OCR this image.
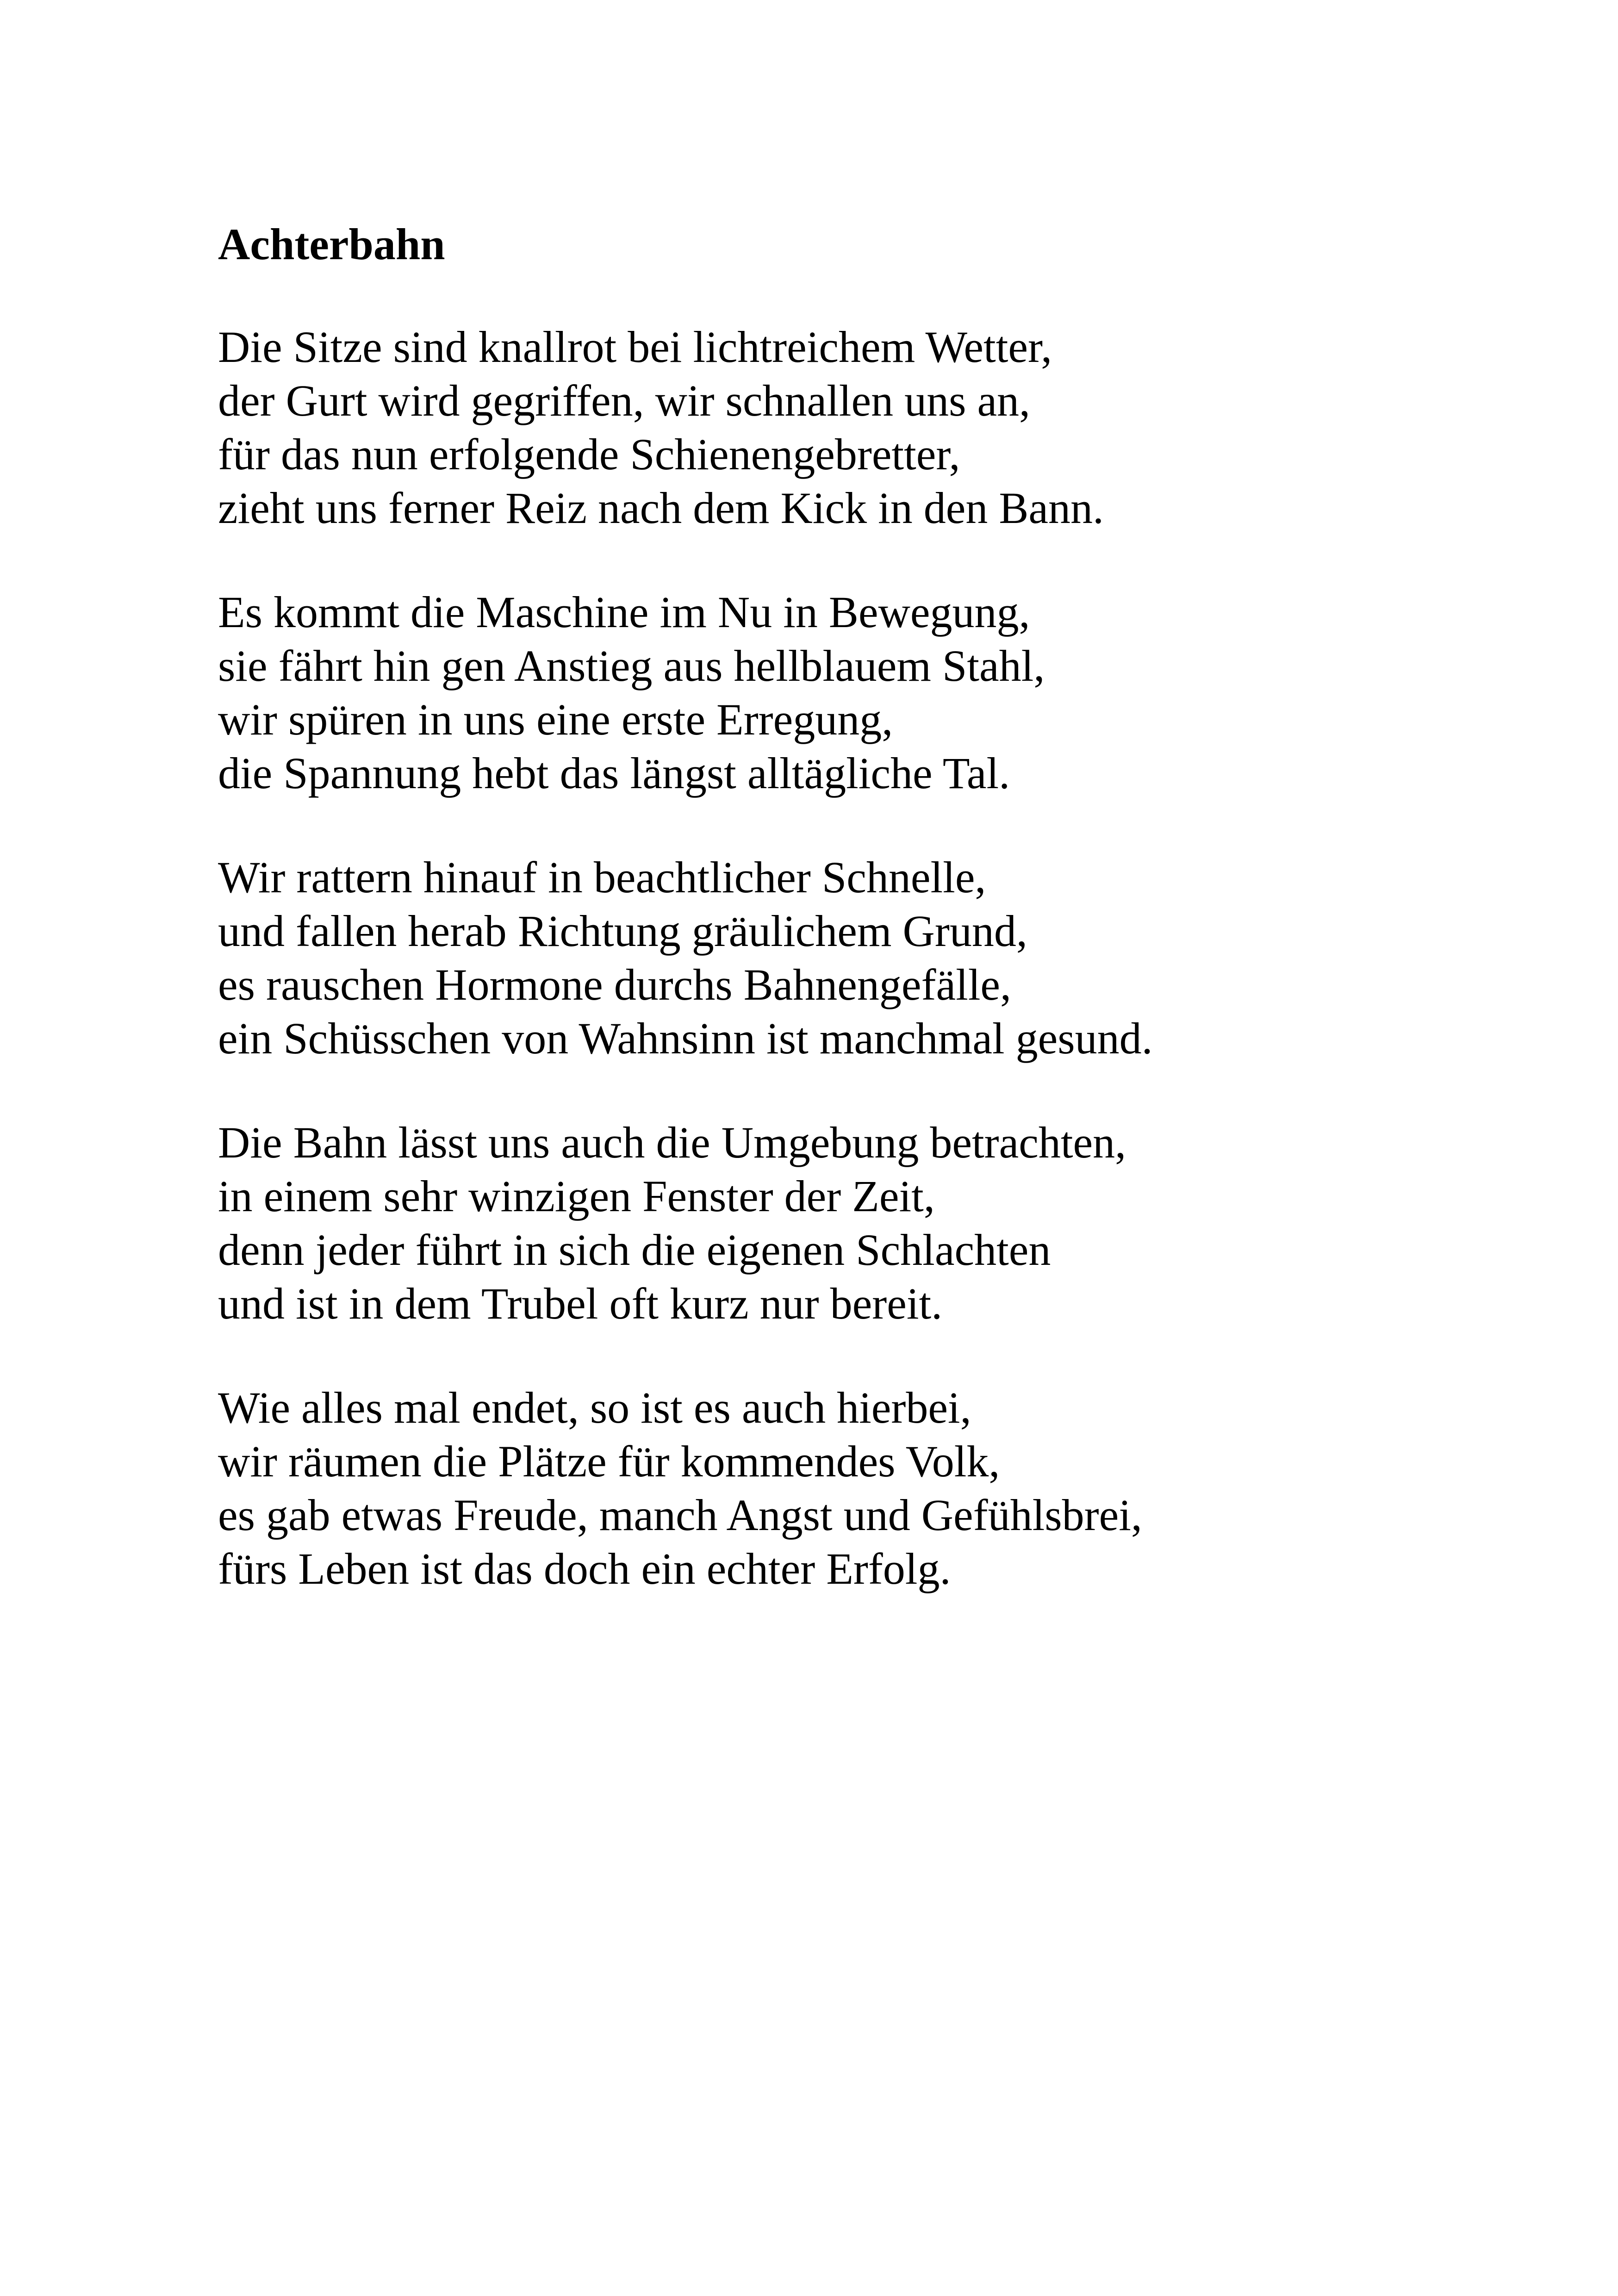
Achterbahn
Die Sitze sind knallrot bei lichtreichem Wetter,
der Gurt wird gegriffen, wir schnallen uns an,
für das nun erfolgende Schienengebretter,
zieht uns ferner Reiz nach dem Kick in den Bann.
Es kommt die Maschine im Nu in Bewegung,
sie fährt hin gen Anstieg aus hellblauem Stahl,
wir spüren in uns eine erste Erregung,
die Spannung hebt das längst alltägliche Tal.
Wir rattern hinauf in beachtlicher Schnelle,
und fallen herab Richtung gräulichem Grund,
es rauschen Hormone durchs Bahnengefälle,
ein Schüsschen von Wahnsinn ist manchmal gesund.
Die Bahn lässt uns auch die Umgebung betrachten,
in einem sehr winzigen Fenster der Zeit,
denn jeder führt in sich die eigenen Schlachten
und ist in dem Trubel oft kurz nur bereit.
Wie alles mal endet, so ist es auch hierbei,
wir räumen die Plätze für kommendes Volk,
es gab etwas Freude, manch Angst und Gefühlsbrei,
fürs Leben ist das doch ein echter Erfolg.
